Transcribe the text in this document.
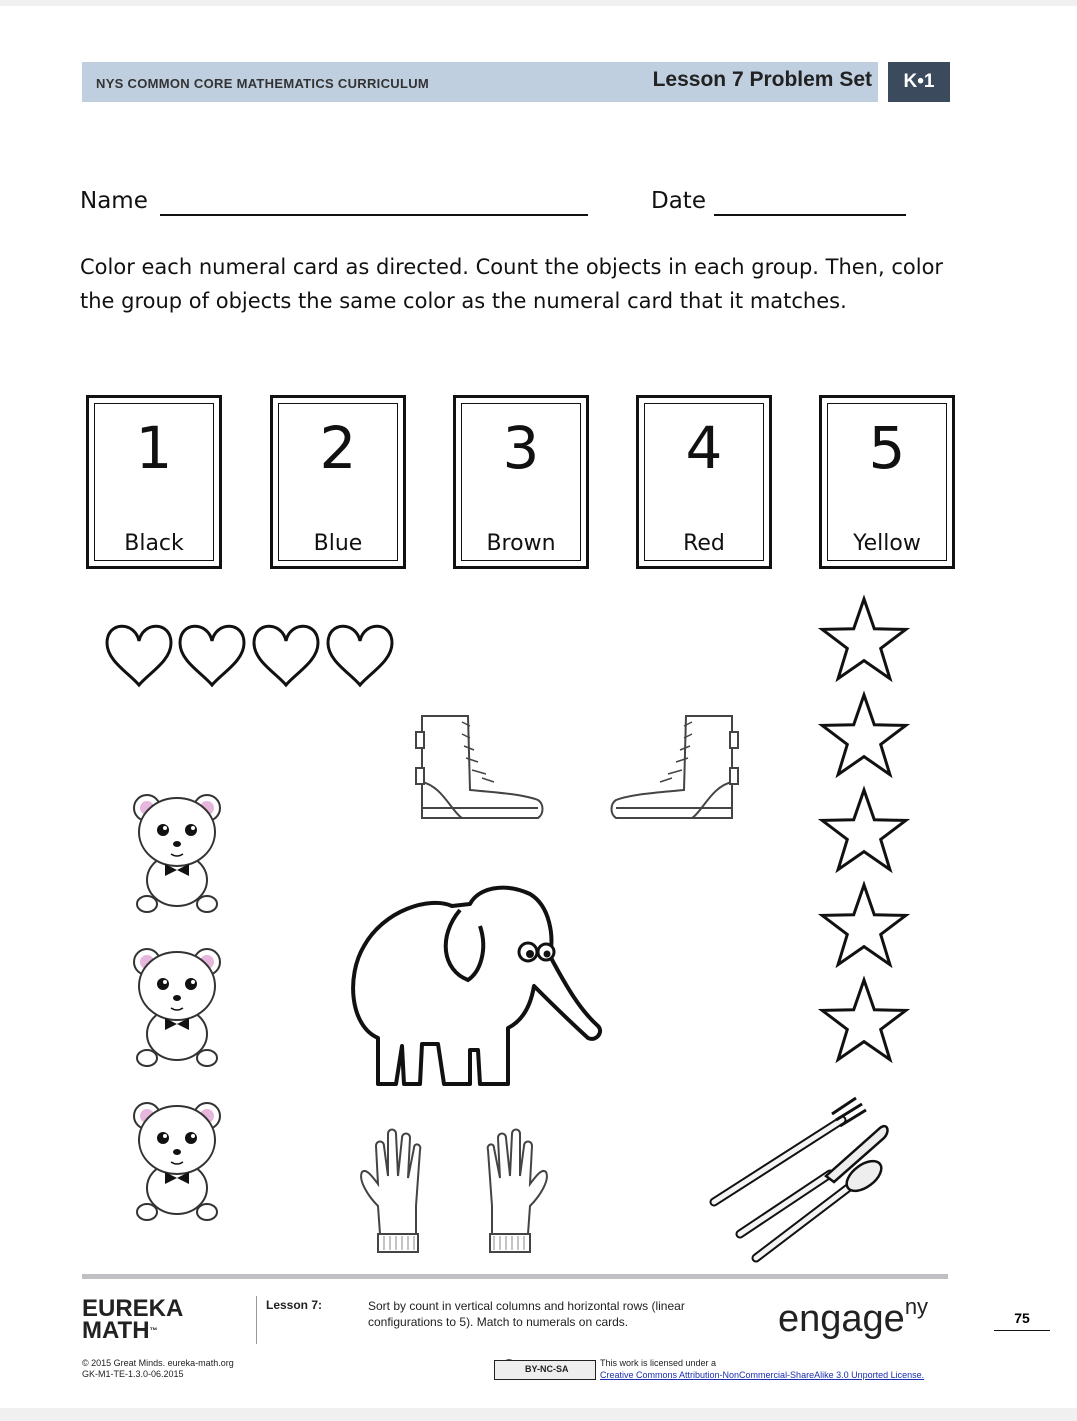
NYS COMMON CORE MATHEMATICS CURRICULUM	Lesson 7 Problem Set	K•1
Name	Date
Color each numeral card as directed. Count the objects in each group. Then, color the group of objects the same color as the numeral card that it matches.
1
Black
2
Blue
3
Brown
4
Red
5
Yellow
EUREKA
MATH™
Lesson 7:	Sort by count in vertical columns and horizontal rows (linear configurations to 5). Match to numerals on cards.	engage$^{ny}$	75
© 2015 Great Minds. eureka-math.org
GK-M1-TE-1.3.0-06.2015	BY-NC-SA
This work is licensed under a
Creative Commons Attribution-NonCommercial-ShareAlike 3.0 Unported License.
